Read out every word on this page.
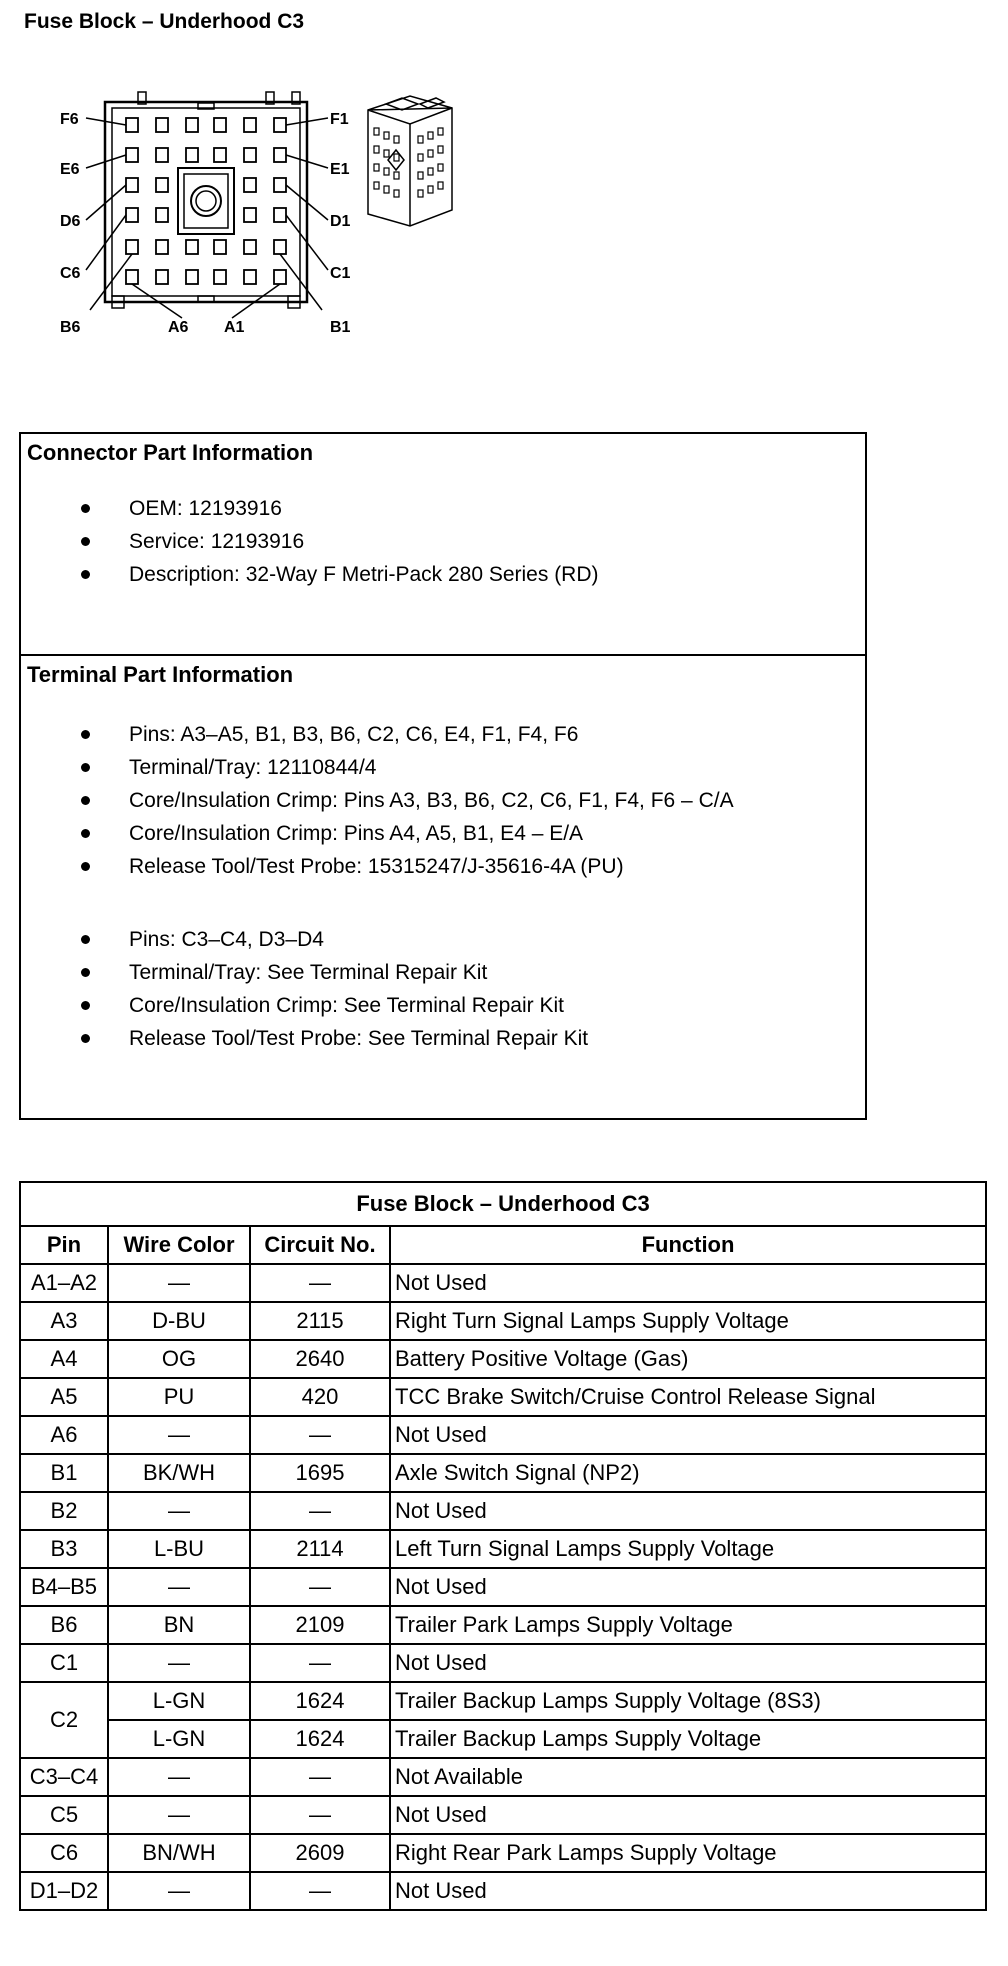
Fuse Block – Underhood C3
F6
E6
D6
C6
F1
E1
D1
C1
B6	A6 A1	B1
Connector Part Information
OEM: 12193916
Service: 12193916
Description: 32-Way F Metri-Pack 280 Series (RD)
Terminal Part Information
Pins: A3–A5, B1, B3, B6, C2, C6, E4, F1, F4, F6
Terminal/Tray: 12110844/4
Core/Insulation Crimp: Pins A3, B3, B6, C2, C6, F1, F4, F6 – C/A
Core/Insulation Crimp: Pins A4, A5, B1, E4 – E/A
Release Tool/Test Probe: 15315247/J-35616-4A (PU)
Pins: C3–C4, D3–D4
Terminal/Tray: See Terminal Repair Kit
Core/Insulation Crimp: See Terminal Repair Kit
Release Tool/Test Probe: See Terminal Repair Kit
Fuse Block – Underhood C3			
Pin	Wire Color	Circuit No.	Function
A1–A2	—	—	Not Used
A3	D-BU	2115	Right Turn Signal Lamps Supply Voltage
A4	OG	2640	Battery Positive Voltage (Gas)
A5	PU	420	TCC Brake Switch/Cruise Control Release Signal
A6	—	—	Not Used
B1	BK/WH	1695	Axle Switch Signal (NP2)
B2	—	—	Not Used
B3	L-BU	2114	Left Turn Signal Lamps Supply Voltage
B4–B5	—	—	Not Used
B6	BN	2109	Trailer Park Lamps Supply Voltage
C1	—	—	Not Used
C2	L-GN	1624	Trailer Backup Lamps Supply Voltage (8S3)
	L-GN	1624	Trailer Backup Lamps Supply Voltage
C3–C4	—	—	Not Available
C5	—	—	Not Used
C6	BN/WH	2609	Right Rear Park Lamps Supply Voltage
D1–D2	—	—	Not Used
